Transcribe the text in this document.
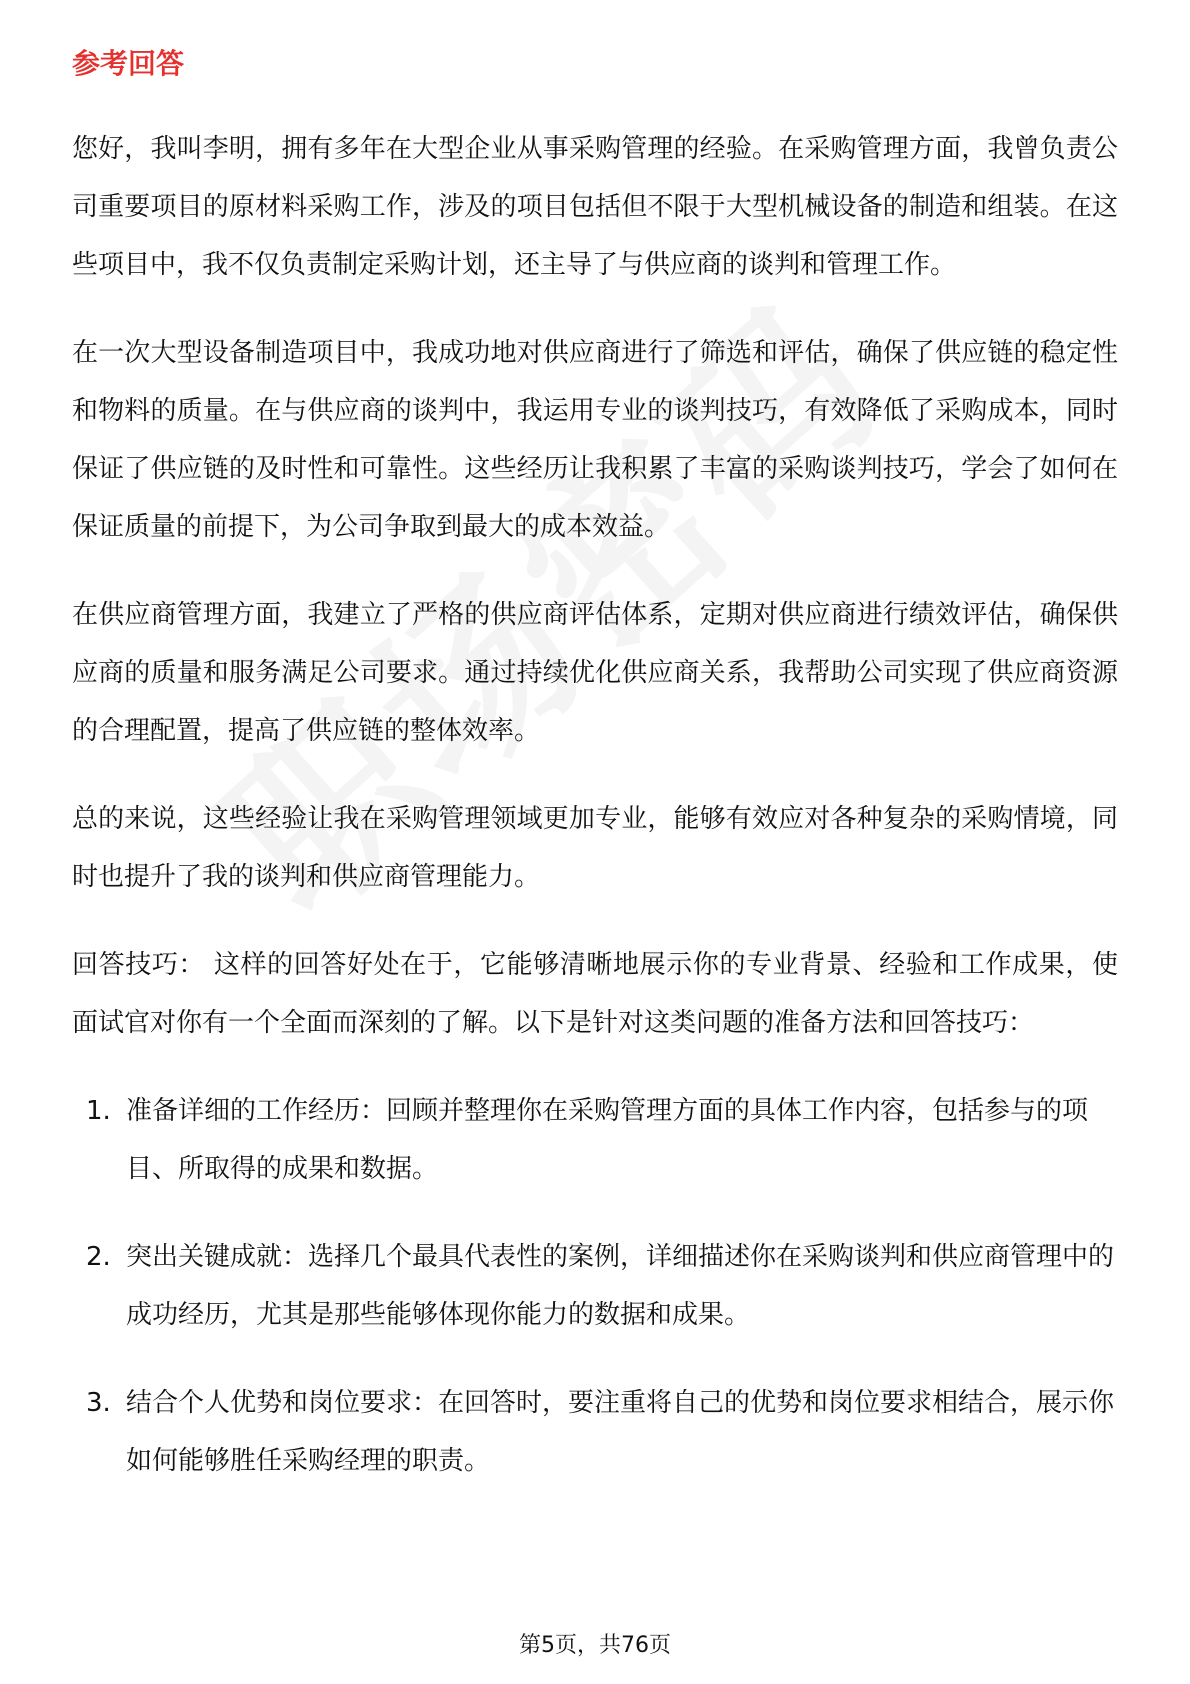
参考回答

您好，我叫李明，拥有多年在大型企业从事采购管理的经验。在采购管理方面，我曾负责公司重要项目的原材料采购工作，涉及的项目包括但不限于大型机械设备的制造和组装。在这些项目中，我不仅负责制定采购计划，还主导了与供应商的谈判和管理工作。

在一次大型设备制造项目中，我成功地对供应商进行了筛选和评估，确保了供应链的稳定性和物料的质量。在与供应商的谈判中，我运用专业的谈判技巧，有效降低了采购成本，同时保证了供应链的及时性和可靠性。这些经历让我积累了丰富的采购谈判技巧，学会了如何在保证质量的前提下，为公司争取到最大的成本效益。

在供应商管理方面，我建立了严格的供应商评估体系，定期对供应商进行绩效评估，确保供应商的质量和服务满足公司要求。通过持续优化供应商关系，我帮助公司实现了供应商资源的合理配置，提高了供应链的整体效率。

总的来说，这些经验让我在采购管理领域更加专业，能够有效应对各种复杂的采购情境，同时也提升了我的谈判和供应商管理能力。

回答技巧： 这样的回答好处在于，它能够清晰地展示你的专业背景、经验和工作成果，使面试官对你有一个全面而深刻的了解。以下是针对这类问题的准备方法和回答技巧：

1. 准备详细的工作经历：回顾并整理你在采购管理方面的具体工作内容，包括参与的项目、所取得的成果和数据。
2. 突出关键成就：选择几个最具代表性的案例，详细描述你在采购谈判和供应商管理中的成功经历，尤其是那些能够体现你能力的数据和成果。
3. 结合个人优势和岗位要求：在回答时，要注重将自己的优势和岗位要求相结合，展示你如何能够胜任采购经理的职责。
第5页，共76页
